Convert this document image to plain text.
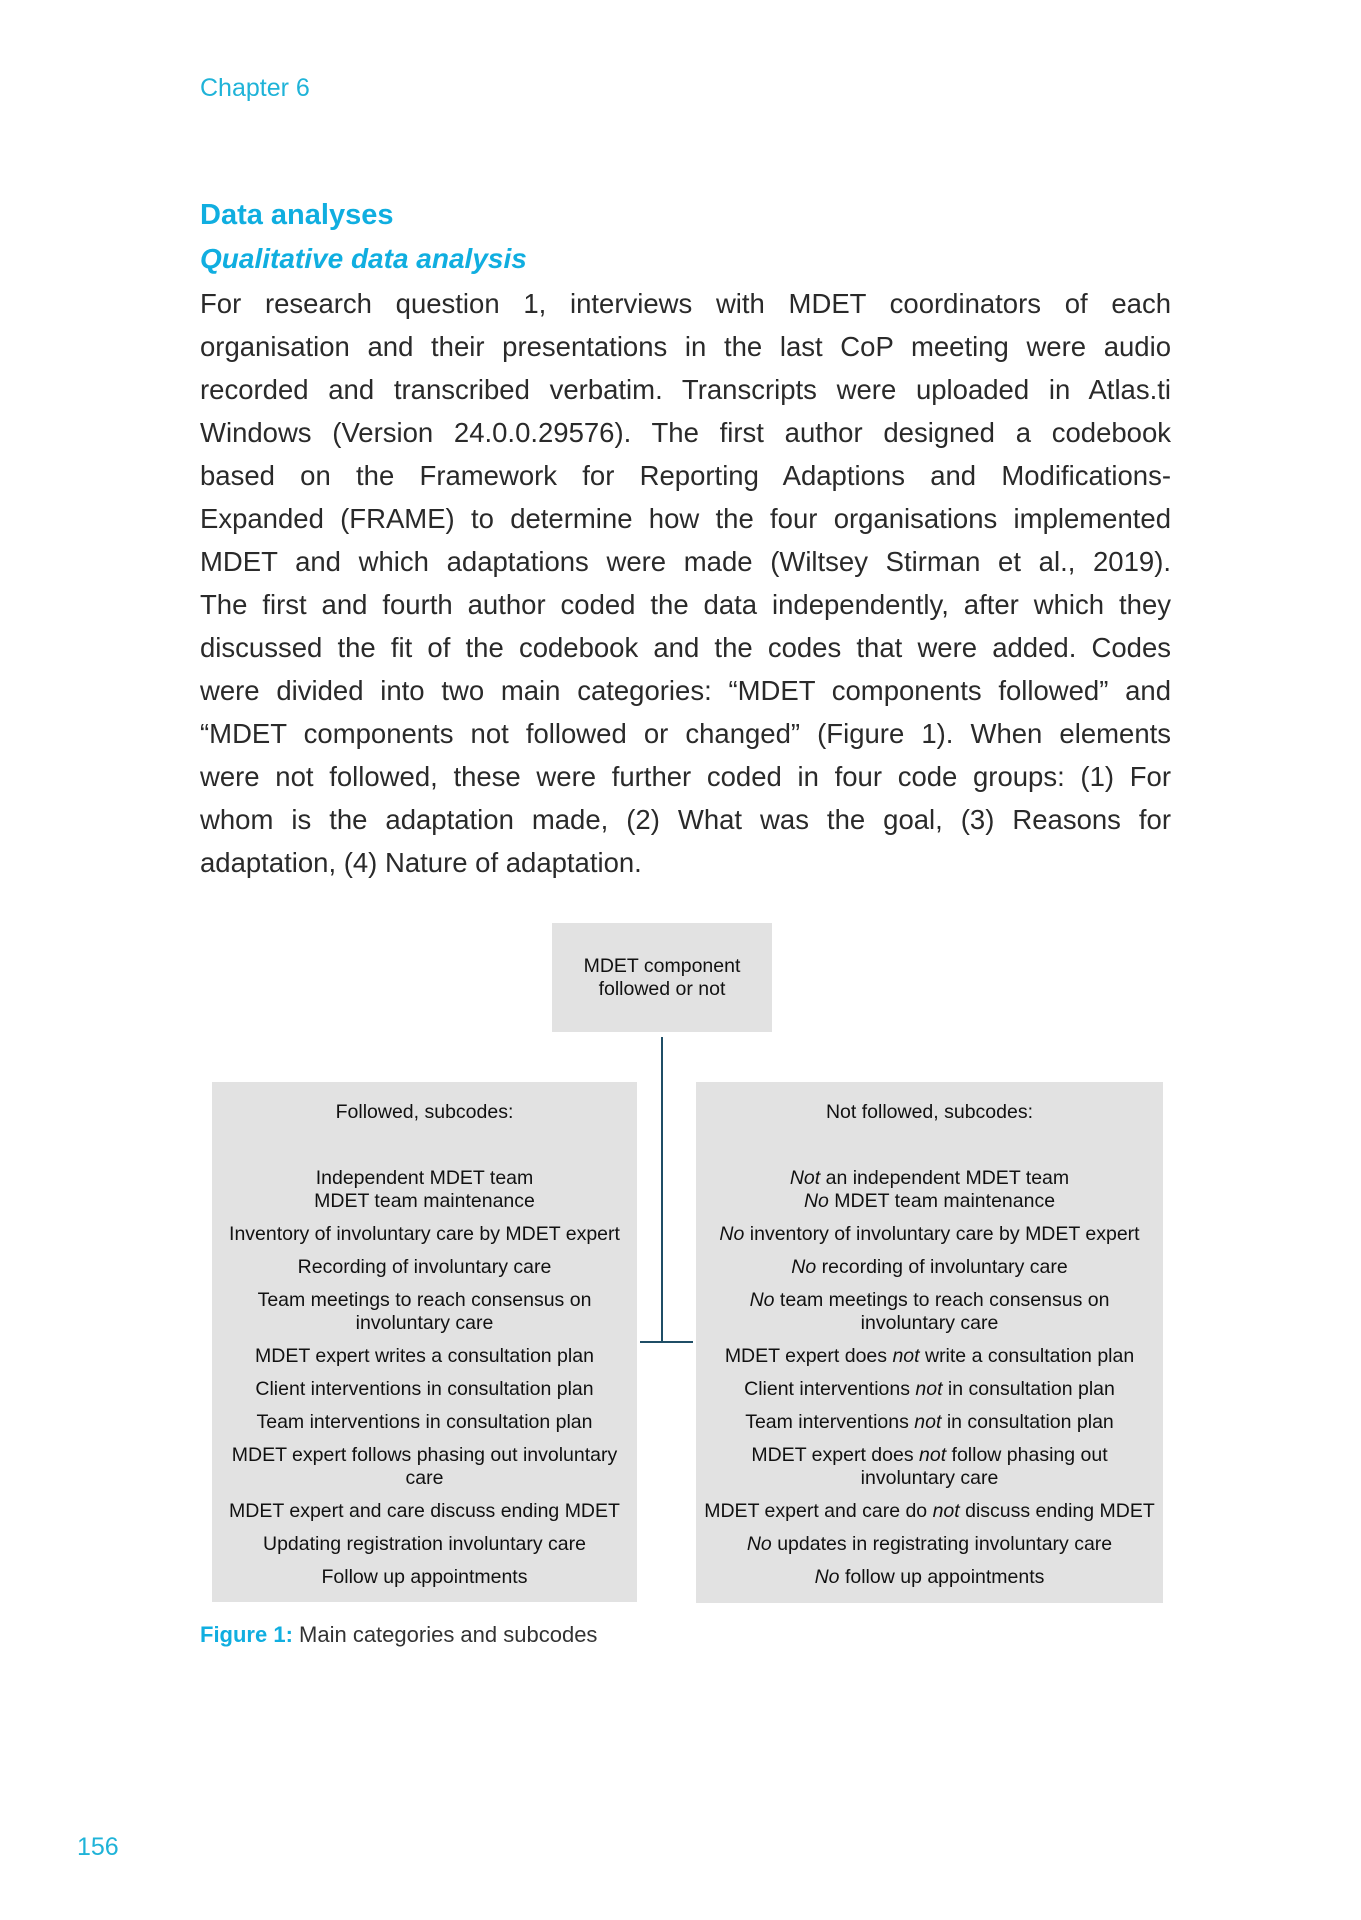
Chapter 6
Data analyses
Qualitative data analysis
For research question 1, interviews with MDET coordinators of each
organisation and their presentations in the last CoP meeting were audio
recorded and transcribed verbatim. Transcripts were uploaded in Atlas.ti
Windows (Version 24.0.0.29576). The first author designed a codebook
based on the Framework for Reporting Adaptions and Modifications-
Expanded (FRAME) to determine how the four organisations implemented
MDET and which adaptations were made (Wiltsey Stirman et al., 2019).
The first and fourth author coded the data independently, after which they
discussed the fit of the codebook and the codes that were added. Codes
were divided into two main categories: “MDET components followed” and
“MDET components not followed or changed” (Figure 1). When elements
were not followed, these were further coded in four code groups: (1) For
whom is the adaptation made, (2) What was the goal, (3) Reasons for
adaptation, (4) Nature of adaptation.
MDET component
followed or not
Followed, subcodes:
Independent MDET team
MDET team maintenance
Inventory of involuntary care by MDET expert
Recording of involuntary care
Team meetings to reach consensus on involuntary care
MDET expert writes a consultation plan
Client interventions in consultation plan
Team interventions in consultation plan
MDET expert follows phasing out involuntary care
MDET expert and care discuss ending MDET
Updating registration involuntary care
Follow up appointments
Not followed, subcodes:
Not an independent MDET team
No MDET team maintenance
No inventory of involuntary care by MDET expert
No recording of involuntary care
No team meetings to reach consensus on involuntary care
MDET expert does not write a consultation plan
Client interventions not in consultation plan
Team interventions not in consultation plan
MDET expert does not follow phasing out involuntary care
MDET expert and care do not discuss ending MDET
No updates in registrating involuntary care
No follow up appointments
Figure 1: Main categories and subcodes
156
